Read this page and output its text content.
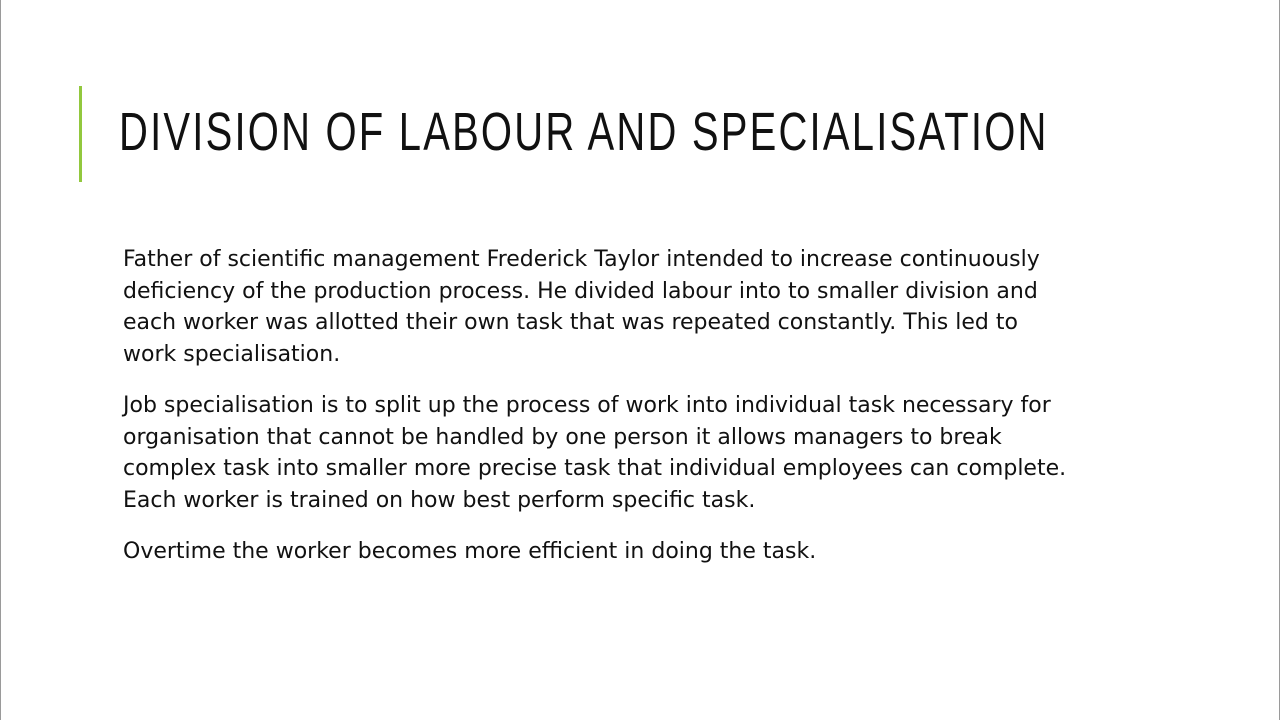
DIVISION OF LABOUR AND SPECIALISATION

Father of scientific management Frederick Taylor intended to increase continuously
deficiency of the production process. He divided labour into to smaller division and
each worker was allotted their own task that was repeated constantly. This led to
work specialisation.

Job specialisation is to split up the process of work into individual task necessary for
organisation that cannot be handled by one person it allows managers to break
complex task into smaller more precise task that individual employees can complete.
Each worker is trained on how best perform specific task.

Overtime the worker becomes more efficient in doing the task.
